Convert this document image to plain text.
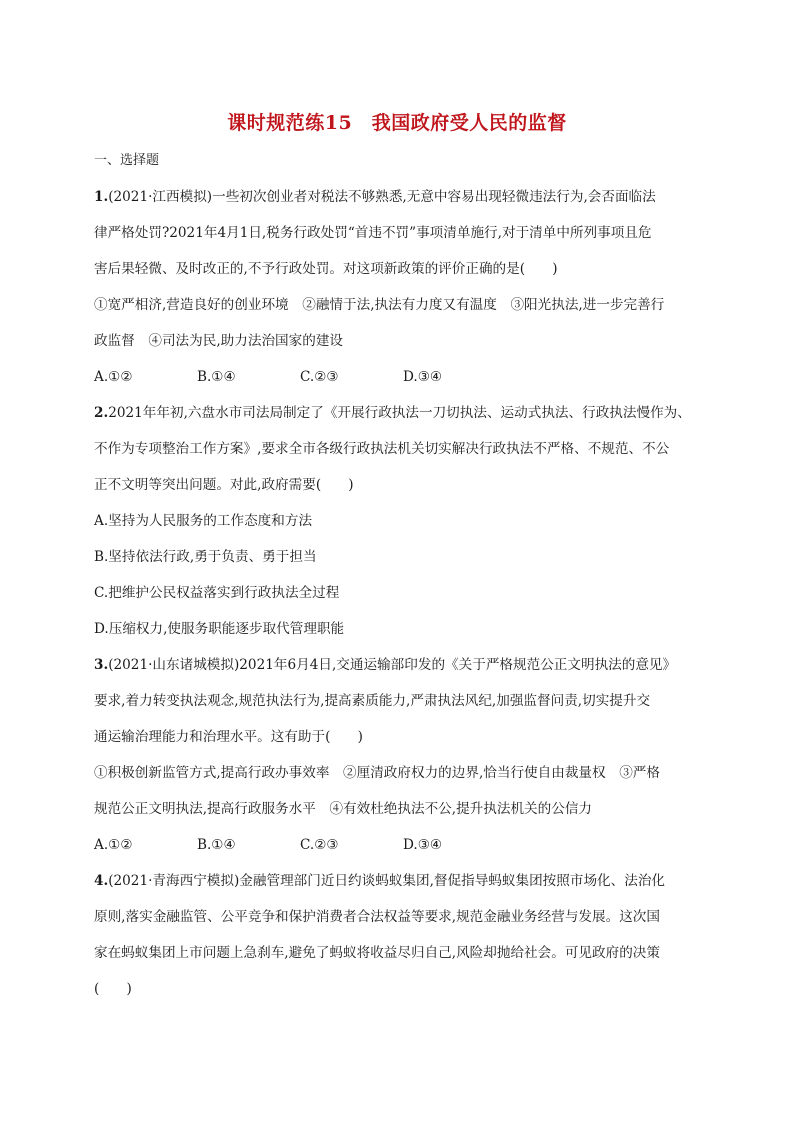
课时规范练15　我国政府受人民的监督
一、选择题
1.(2021·江西模拟)一些初次创业者对税法不够熟悉,无意中容易出现轻微违法行为,会否面临法
律严格处罚?2021年4月1日,税务行政处罚“首违不罚”事项清单施行,对于清单中所列事项且危
害后果轻微、及时改正的,不予行政处罚。对这项新政策的评价正确的是(　　)
①宽严相济,营造良好的创业环境　②融情于法,执法有力度又有温度　③阳光执法,进一步完善行
政监督　④司法为民,助力法治国家的建设
A.①②	B.①④	C.②③	D.③④
2.2021年年初,六盘水市司法局制定了《开展行政执法一刀切执法、运动式执法、行政执法慢作为、
不作为专项整治工作方案》,要求全市各级行政执法机关切实解决行政执法不严格、不规范、不公
正不文明等突出问题。对此,政府需要(　　)
A.坚持为人民服务的工作态度和方法
B.坚持依法行政,勇于负责、勇于担当
C.把维护公民权益落实到行政执法全过程
D.压缩权力,使服务职能逐步取代管理职能
3.(2021·山东诸城模拟)2021年6月4日,交通运输部印发的《关于严格规范公正文明执法的意见》
要求,着力转变执法观念,规范执法行为,提高素质能力,严肃执法风纪,加强监督问责,切实提升交
通运输治理能力和治理水平。这有助于(　　)
①积极创新监管方式,提高行政办事效率　②厘清政府权力的边界,恰当行使自由裁量权　③严格
规范公正文明执法,提高行政服务水平　④有效杜绝执法不公,提升执法机关的公信力
A.①②	B.①④	C.②③	D.③④
4.(2021·青海西宁模拟)金融管理部门近日约谈蚂蚁集团,督促指导蚂蚁集团按照市场化、法治化
原则,落实金融监管、公平竞争和保护消费者合法权益等要求,规范金融业务经营与发展。这次国
家在蚂蚁集团上市问题上急刹车,避免了蚂蚁将收益尽归自己,风险却抛给社会。可见政府的决策
(　　)
